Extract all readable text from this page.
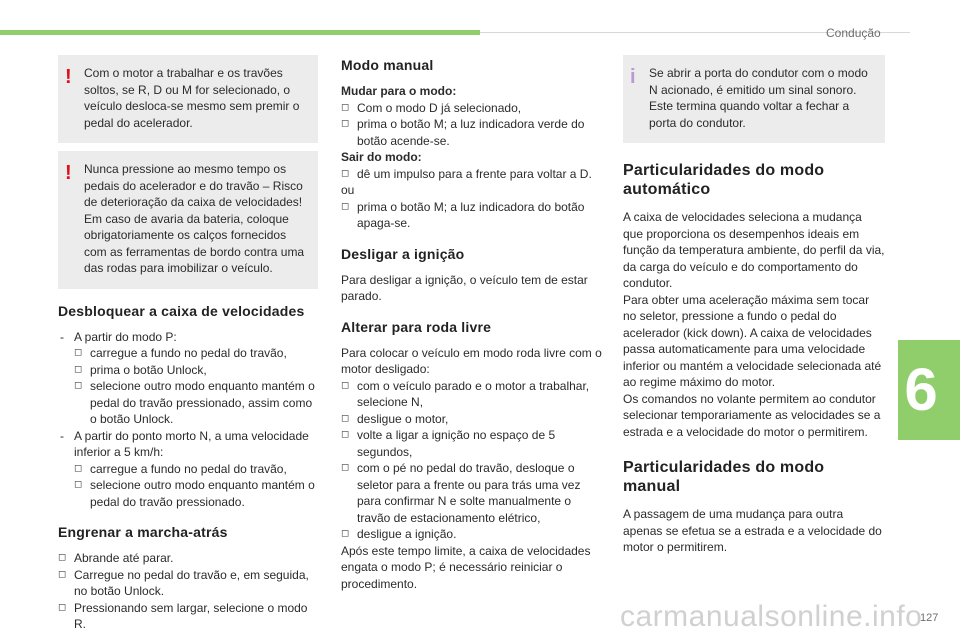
Condução
! Com o motor a trabalhar e os travões soltos, se R, D ou M for selecionado, o veículo desloca-se mesmo sem premir o pedal do acelerador.

! Nunca pressione ao mesmo tempo os pedais do acelerador e do travão – Risco de deterioração da caixa de velocidades! Em caso de avaria da bateria, coloque obrigatoriamente os calços fornecidos com as ferramentas de bordo contra uma das rodas para imobilizar o veículo.

Desbloquear a caixa de velocidades
- A partir do modo P:
◻ carregue a fundo no pedal do travão,
◻ prima o botão Unlock,
◻ selecione outro modo enquanto mantém o pedal do travão pressionado, assim como o botão Unlock.
- A partir do ponto morto N, a uma velocidade inferior a 5 km/h:
◻ carregue a fundo no pedal do travão,
◻ selecione outro modo enquanto mantém o pedal do travão pressionado.
Engrenar a marcha-atrás
◻ Abrande até parar.
◻ Carregue no pedal do travão e, em seguida, no botão Unlock.
◻ Pressionando sem largar, selecione o modo R.
Modo manual
Mudar para o modo:
◻ Com o modo D já selecionado,
◻ prima o botão M; a luz indicadora verde do botão acende-se.
Sair do modo:
◻ dê um impulso para a frente para voltar a D.
ou
◻ prima o botão M; a luz indicadora do botão apaga-se.
Desligar a ignição

Para desligar a ignição, o veículo tem de estar parado.

Alterar para roda livre

Para colocar o veículo em modo roda livre com o motor desligado:

◻ com o veículo parado e o motor a trabalhar, selecione N,
◻ desligue o motor,
◻ volte a ligar a ignição no espaço de 5 segundos,
◻ com o pé no pedal do travão, desloque o seletor para a frente ou para trás uma vez para confirmar N e solte manualmente o travão de estacionamento elétrico,
◻ desligue a ignição.

Após este tempo limite, a caixa de velocidades engata o modo P; é necessário reiniciar o procedimento.

i Se abrir a porta do condutor com o modo N acionado, é emitido um sinal sonoro. Este termina quando voltar a fechar a porta do condutor.

Particularidades do modo automático

A caixa de velocidades seleciona a mudança que proporciona os desempenhos ideais em função da temperatura ambiente, do perfil da via, da carga do veículo e do comportamento do condutor.
Para obter uma aceleração máxima sem tocar no seletor, pressione a fundo o pedal do acelerador (kick down). A caixa de velocidades passa automaticamente para uma velocidade inferior ou mantém a velocidade selecionada até ao regime máximo do motor.
Os comandos no volante permitem ao condutor selecionar temporariamente as velocidades se a estrada e a velocidade do motor o permitirem.

Particularidades do modo manual

A passagem de uma mudança para outra apenas se efetua se a estrada e a velocidade do motor o permitirem.

6
carmanualsonline.info
127
